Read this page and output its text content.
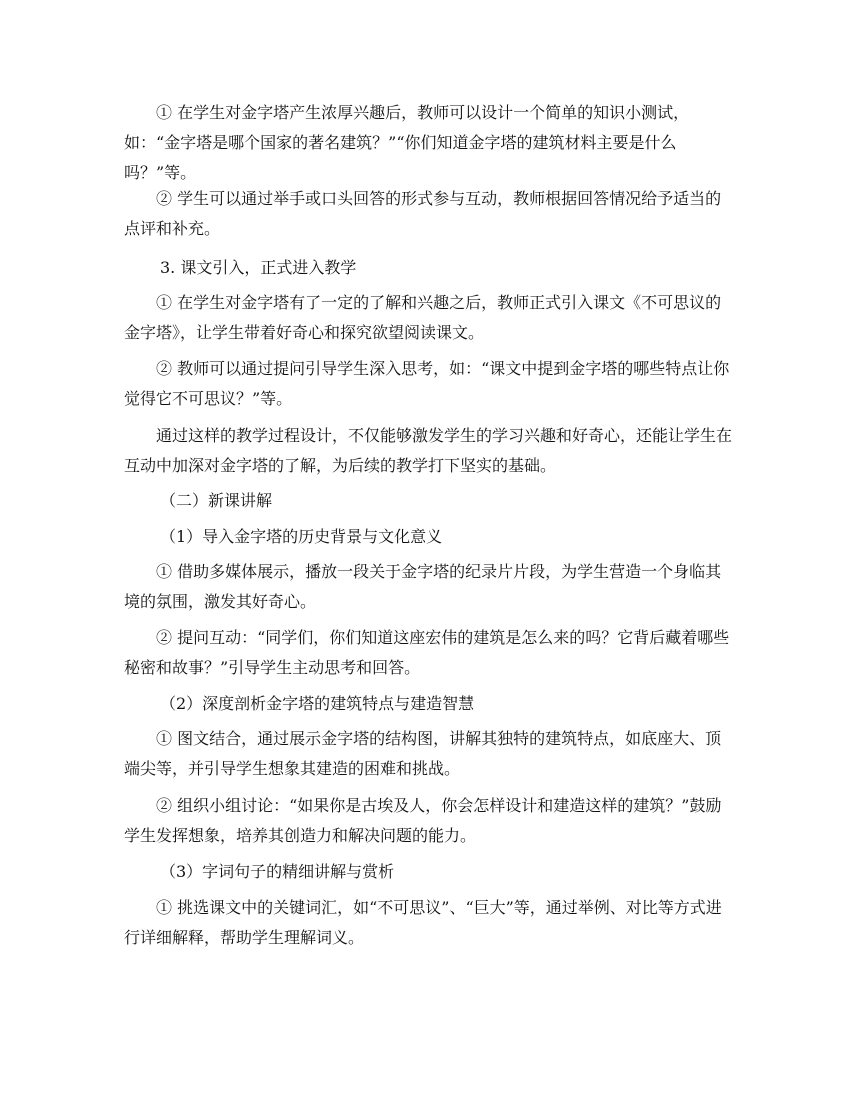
① 在学生对金字塔产生浓厚兴趣后，教师可以设计一个简单的知识小测试，如：“金字塔是哪个国家的著名建筑？”“你们知道金字塔的建筑材料主要是什么吗？”等。

② 学生可以通过举手或口头回答的形式参与互动，教师根据回答情况给予适当的点评和补充。

3. 课文引入，正式进入教学

① 在学生对金字塔有了一定的了解和兴趣之后，教师正式引入课文《不可思议的金字塔》，让学生带着好奇心和探究欲望阅读课文。

② 教师可以通过提问引导学生深入思考，如：“课文中提到金字塔的哪些特点让你觉得它不可思议？”等。

通过这样的教学过程设计，不仅能够激发学生的学习兴趣和好奇心，还能让学生在互动中加深对金字塔的了解，为后续的教学打下坚实的基础。

（二）新课讲解

（1）导入金字塔的历史背景与文化意义

① 借助多媒体展示，播放一段关于金字塔的纪录片片段，为学生营造一个身临其境的氛围，激发其好奇心。

② 提问互动：“同学们，你们知道这座宏伟的建筑是怎么来的吗？它背后藏着哪些秘密和故事？”引导学生主动思考和回答。

（2）深度剖析金字塔的建筑特点与建造智慧

① 图文结合，通过展示金字塔的结构图，讲解其独特的建筑特点，如底座大、顶端尖等，并引导学生想象其建造的困难和挑战。

② 组织小组讨论：“如果你是古埃及人，你会怎样设计和建造这样的建筑？”鼓励学生发挥想象，培养其创造力和解决问题的能力。

（3）字词句子的精细讲解与赏析

① 挑选课文中的关键词汇，如“不可思议”、“巨大”等，通过举例、对比等方式进行详细解释，帮助学生理解词义。
